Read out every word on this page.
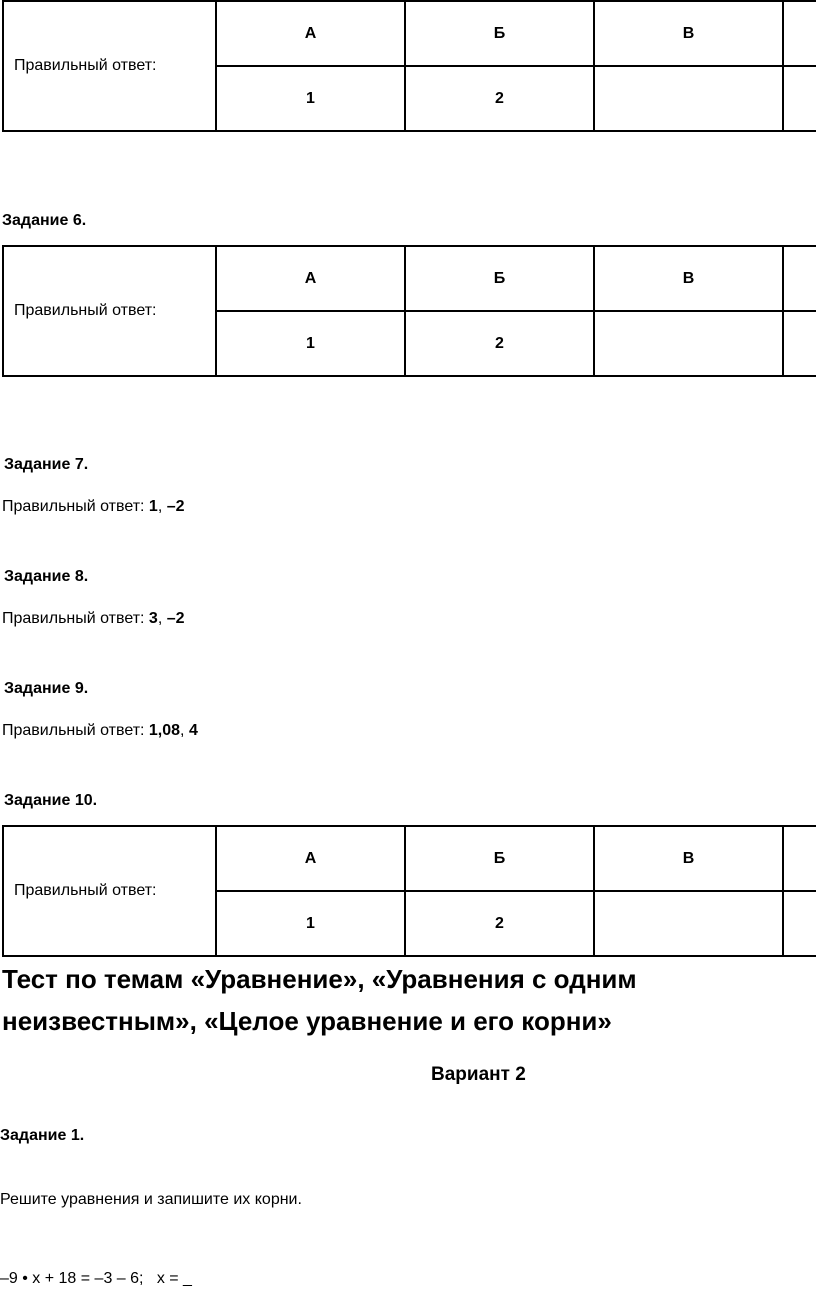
Правильный ответ:	А	Б	В	
	1	2		
Задание 6.
Правильный ответ:	А	Б	В	
	1	2		
Задание 7.
Правильный ответ: 1, –2
Задание 8.
Правильный ответ: 3, –2
Задание 9.
Правильный ответ: 1,08, 4
Задание 10.
Правильный ответ:	А	Б	В	
	1	2		
Тест по темам «Уравнение», «Уравнения с одним
неизвестным», «Целое уравнение и его корни»
Вариант 2
Задание 1.
Решите уравнения и запишите их корни.
–9 • x + 18 = –3 – 6;   x = _
